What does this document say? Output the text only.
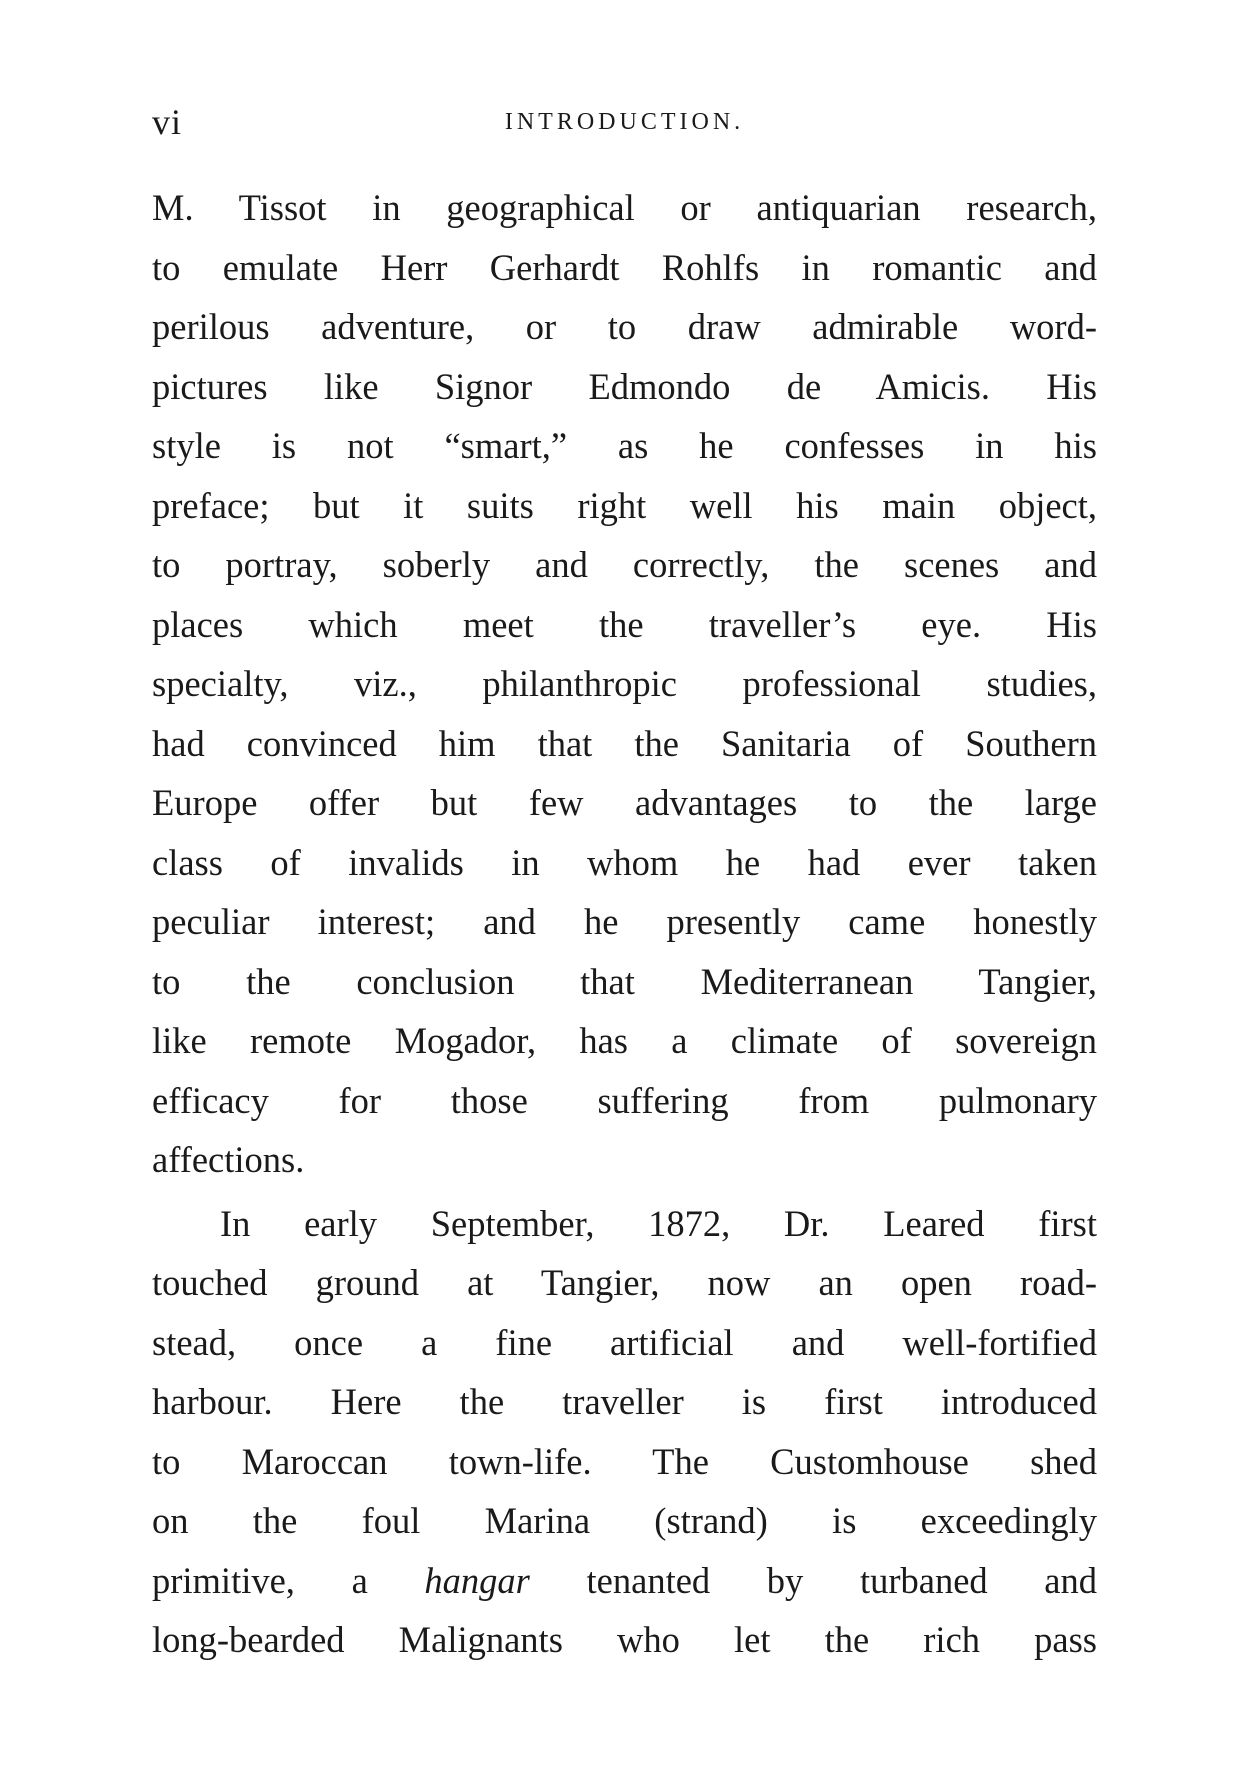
vi	INTRODUCTION.
M. Tissot in geographical or antiquarian research,
to emulate Herr Gerhardt Rohlfs in romantic and
perilous adventure, or to draw admirable word-
pictures like Signor Edmondo de Amicis. His
style is not “smart,” as he confesses in his
preface; but it suits right well his main object,
to portray, soberly and correctly, the scenes and
places which meet the traveller’s eye. His
specialty, viz., philanthropic professional studies,
had convinced him that the Sanitaria of Southern
Europe offer but few advantages to the large
class of invalids in whom he had ever taken
peculiar interest; and he presently came honestly
to the conclusion that Mediterranean Tangier,
like remote Mogador, has a climate of sovereign
efficacy for those suffering from pulmonary
affections.
In early September, 1872, Dr. Leared first
touched ground at Tangier, now an open road-
stead, once a fine artificial and well-fortified
harbour. Here the traveller is first introduced
to Maroccan town-life. The Customhouse shed
on the foul Marina (strand) is exceedingly
primitive, a hangar tenanted by turbaned and
long-bearded Malignants who let the rich pass
